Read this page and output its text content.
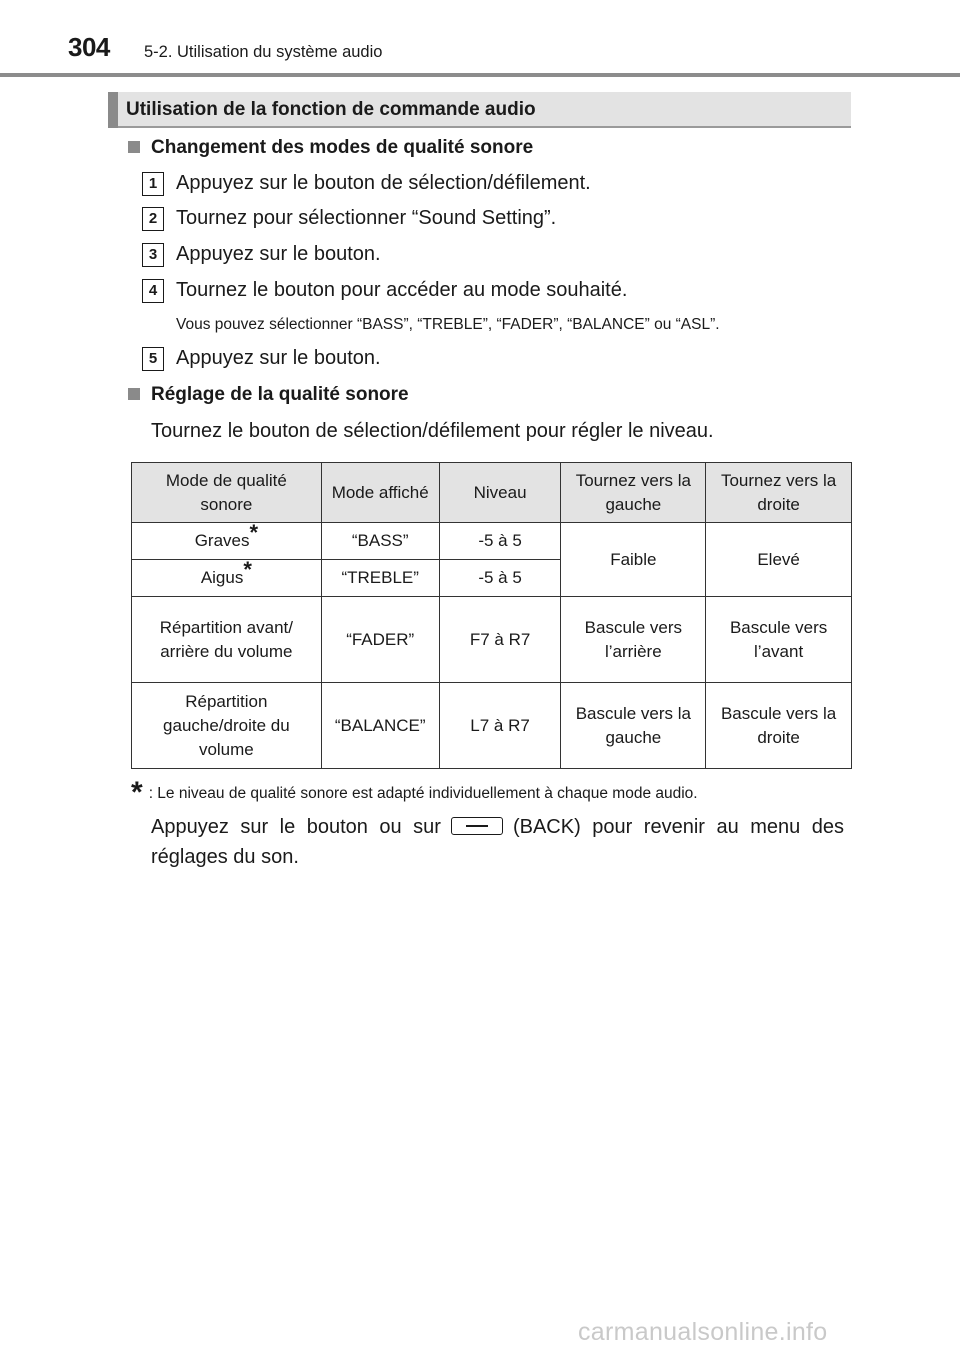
304 5-2. Utilisation du système audio
Utilisation de la fonction de commande audio
Changement des modes de qualité sonore
1 Appuyez sur le bouton de sélection/défilement.
2 Tournez pour sélectionner “Sound Setting”.
3 Appuyez sur le bouton.
4 Tournez le bouton pour accéder au mode souhaité.
Vous pouvez sélectionner “BASS”, “TREBLE”, “FADER”, “BALANCE” ou “ASL”.
5 Appuyez sur le bouton.
Réglage de la qualité sonore
Tournez le bouton de sélection/défilement pour régler le niveau.
Mode de qualité sonore	Mode affiché	Niveau	Tournez vers la gauche	Tournez vers la droite
Graves*	“BASS”	-5 à 5	Faible	Elevé
Aigus*	“TREBLE”	-5 à 5		
Répartition avant/ arrière du volume	“FADER”	F7 à R7	Bascule vers l’arrière	Bascule vers l’avant
Répartition gauche/droite du volume	“BALANCE”	L7 à R7	Bascule vers la gauche	Bascule vers la droite
* : Le niveau de qualité sonore est adapté individuellement à chaque mode audio.
Appuyez sur le bouton ou sur	(BACK) pour revenir au menu des réglages du son.
carmanualsonline.info
